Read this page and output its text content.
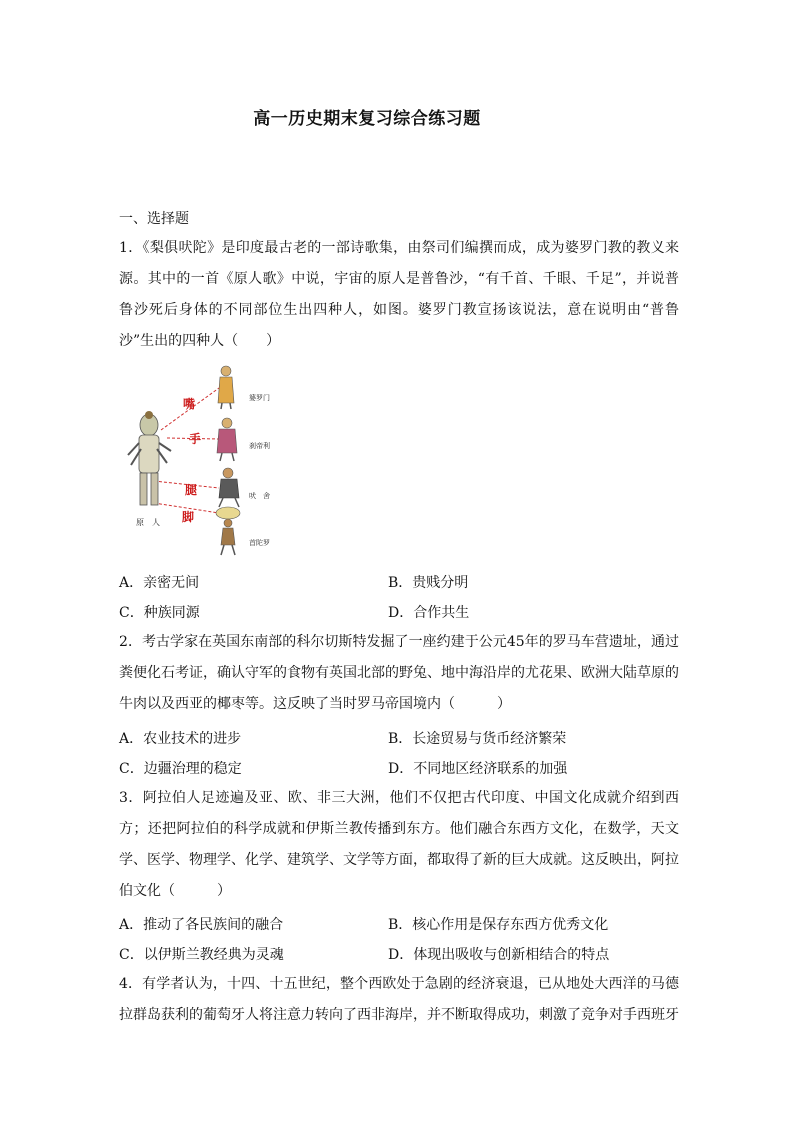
高一历史期末复习综合练习题
一、选择题
1．《梨俱吠陀》是印度最古老的一部诗歌集，由祭司们编撰而成，成为婆罗门教的教义来源。其中的一首《原人歌》中说，宇宙的原人是普鲁沙，“有千首、千眼、千足”，并说普鲁沙死后身体的不同部位生出四种人，如图。婆罗门教宣扬该说法，意在说明由“普鲁沙”生出的四种人（　　）
原　人
嘴
手
腿
脚
婆罗门
刹帝利
吠　舍
首陀罗
A．亲密无间	B．贵贱分明
C．种族同源	D．合作共生
2．考古学家在英国东南部的科尔切斯特发掘了一座约建于公元45年的罗马车营遗址，通过粪便化石考证，确认守军的食物有英国北部的野兔、地中海沿岸的尤花果、欧洲大陆草原的牛肉以及西亚的椰枣等。这反映了当时罗马帝国境内（　　　）
A．农业技术的进步	B．长途贸易与货币经济繁荣
C．边疆治理的稳定	D．不同地区经济联系的加强
3．阿拉伯人足迹遍及亚、欧、非三大洲，他们不仅把古代印度、中国文化成就介绍到西方；还把阿拉伯的科学成就和伊斯兰教传播到东方。他们融合东西方文化，在数学，天文学、医学、物理学、化学、建筑学、文学等方面，都取得了新的巨大成就。这反映出，阿拉伯文化（　　　）
A．推动了各民族间的融合	B．核心作用是保存东西方优秀文化
C．以伊斯兰教经典为灵魂	D．体现出吸收与创新相结合的特点
4．有学者认为，十四、十五世纪，整个西欧处于急剧的经济衰退，已从地处大西洋的马德拉群岛获利的葡萄牙人将注意力转向了西非海岸，并不断取得成功，刺激了竞争对手西班牙
